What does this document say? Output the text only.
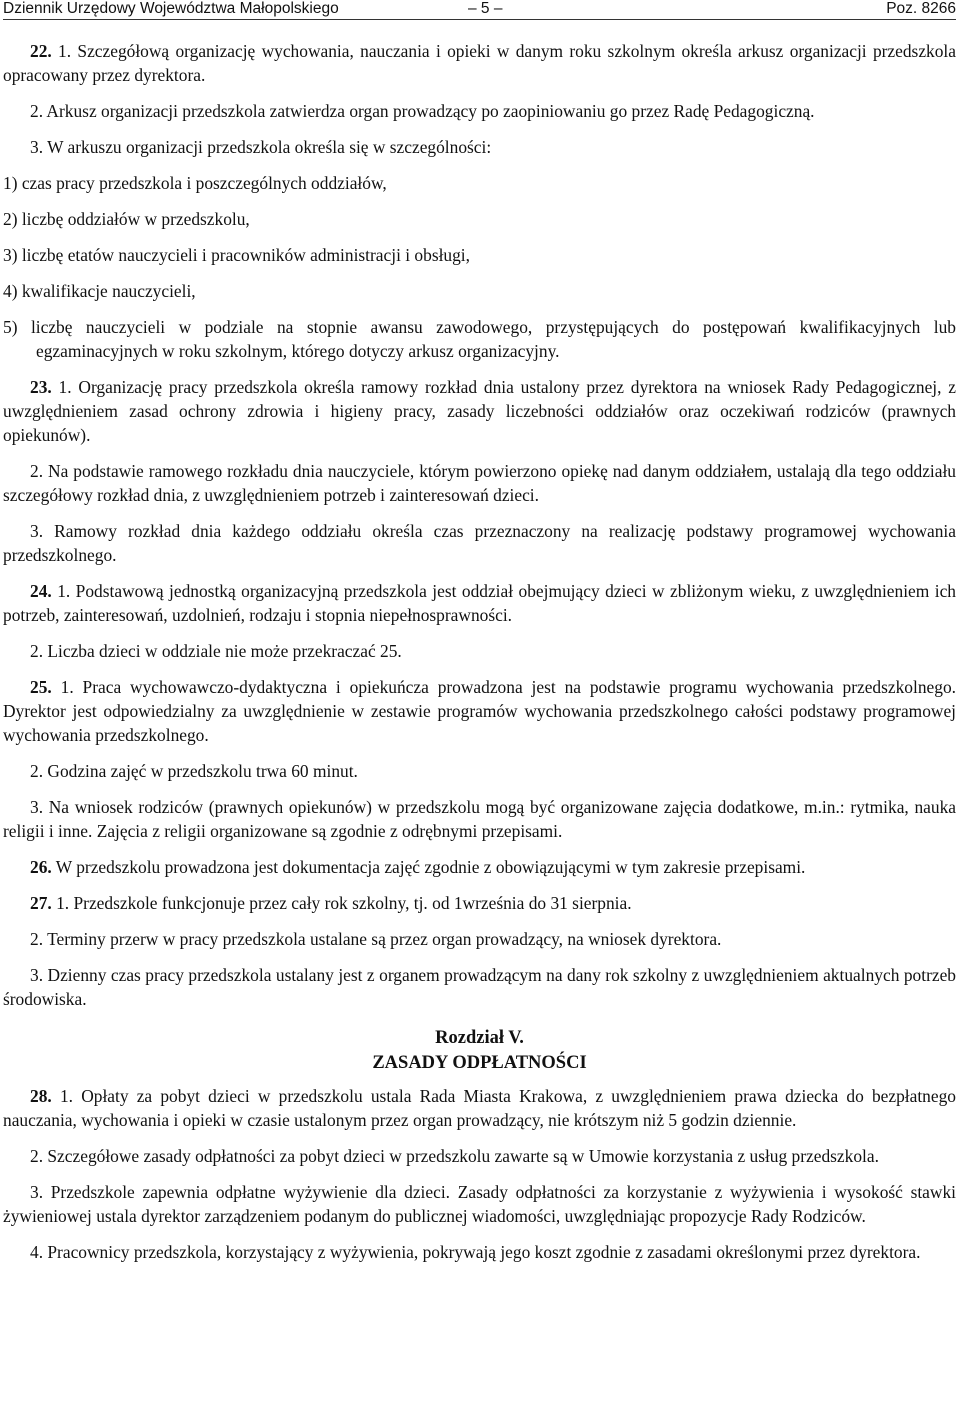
Dziennik Urzędowy Województwa Małopolskiego	– 5 –	Poz. 8266

22. 1. Szczegółową organizację wychowania, nauczania i opieki w danym roku szkolnym określa arkusz organizacji przedszkola opracowany przez dyrektora.

2. Arkusz organizacji przedszkola zatwierdza organ prowadzący po zaopiniowaniu go przez Radę Pedagogiczną.

3. W arkuszu organizacji przedszkola określa się w szczególności:

1) czas pracy przedszkola i poszczególnych oddziałów,

2) liczbę oddziałów w przedszkolu,

3) liczbę etatów nauczycieli i pracowników administracji i obsługi,

4) kwalifikacje nauczycieli,

5) liczbę nauczycieli w podziale na stopnie awansu zawodowego, przystępujących do postępowań kwalifikacyjnych lub egzaminacyjnych w roku szkolnym, którego dotyczy arkusz organizacyjny.

23. 1. Organizację pracy przedszkola określa ramowy rozkład dnia ustalony przez dyrektora na wniosek Rady Pedagogicznej, z uwzględnieniem zasad ochrony zdrowia i higieny pracy, zasady liczebności oddziałów oraz oczekiwań rodziców (prawnych opiekunów).

2. Na podstawie ramowego rozkładu dnia nauczyciele, którym powierzono opiekę nad danym oddziałem, ustalają dla tego oddziału szczegółowy rozkład dnia, z uwzględnieniem potrzeb i zainteresowań dzieci.

3. Ramowy rozkład dnia każdego oddziału określa czas przeznaczony na realizację podstawy programowej wychowania przedszkolnego.

24. 1. Podstawową jednostką organizacyjną przedszkola jest oddział obejmujący dzieci w zbliżonym wieku, z uwzględnieniem ich potrzeb, zainteresowań, uzdolnień, rodzaju i stopnia niepełnosprawności.

2. Liczba dzieci w oddziale nie może przekraczać 25.

25. 1. Praca wychowawczo-dydaktyczna i opiekuńcza prowadzona jest na podstawie programu wychowania przedszkolnego. Dyrektor jest odpowiedzialny za uwzględnienie w zestawie programów wychowania przedszkolnego całości podstawy programowej wychowania przedszkolnego.

2. Godzina zajęć w przedszkolu trwa 60 minut.

3. Na wniosek rodziców (prawnych opiekunów) w przedszkolu mogą być organizowane zajęcia dodatkowe, m.in.: rytmika, nauka religii i inne. Zajęcia z religii organizowane są zgodnie z odrębnymi przepisami.

26. W przedszkolu prowadzona jest dokumentacja zajęć zgodnie z obowiązującymi w tym zakresie przepisami.

27. 1. Przedszkole funkcjonuje przez cały rok szkolny, tj. od 1września do 31 sierpnia.

2. Terminy przerw w pracy przedszkola ustalane są przez organ prowadzący, na wniosek dyrektora.

3. Dzienny czas pracy przedszkola ustalany jest z organem prowadzącym na dany rok szkolny z uwzględnieniem aktualnych potrzeb środowiska.

Rozdział V.
ZASADY ODPŁATNOŚCI

28. 1. Opłaty za pobyt dzieci w przedszkolu ustala Rada Miasta Krakowa, z uwzględnieniem prawa dziecka do bezpłatnego nauczania, wychowania i opieki w czasie ustalonym przez organ prowadzący, nie krótszym niż 5 godzin dziennie.

2. Szczegółowe zasady odpłatności za pobyt dzieci w przedszkolu zawarte są w Umowie korzystania z usług przedszkola.

3. Przedszkole zapewnia odpłatne wyżywienie dla dzieci. Zasady odpłatności za korzystanie z wyżywienia i wysokość stawki żywieniowej ustala dyrektor zarządzeniem podanym do publicznej wiadomości, uwzględniając propozycje Rady Rodziców.

4. Pracownicy przedszkola, korzystający z wyżywienia, pokrywają jego koszt zgodnie z zasadami określonymi przez dyrektora.
